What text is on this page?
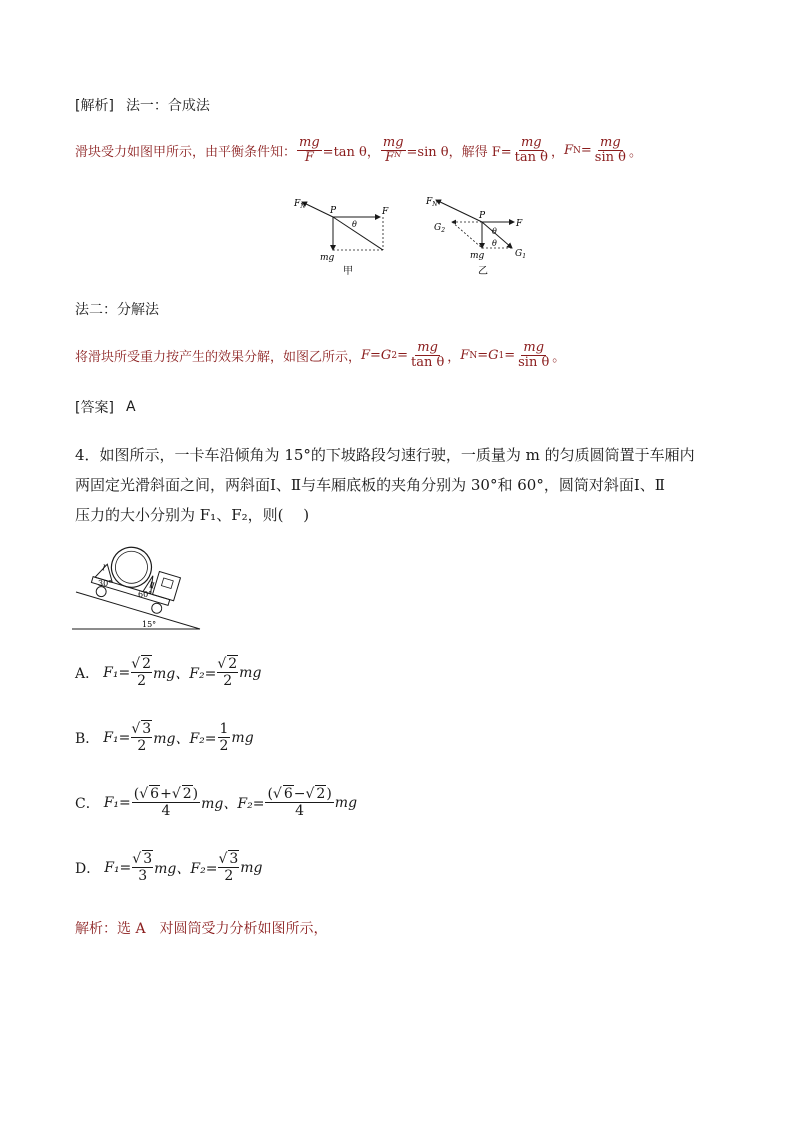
[解析] 法一：合成法
滑块受力如图甲所示，由平衡条件知： $\frac{mg}{F} =\tan$ θ， $\frac{mg}{\text{Fᴺ}} =\sin$ θ， 解得 $F= \frac{mg}{\text{tan θ}}$ ， F $N = \frac{mg}{\text{sin θ}}$ 。
$F_N$	P	F
θ
mg
甲
$F_N$
P
F
$G_2$
$G_1$
θ
θ
mg
乙
法二：分解法
将滑块所受重力按产生的效果分解，如图乙所示， F=G $2 = \frac{mg}{\text{tan θ}}$ ， F N =G $1 = \frac{mg}{\text{sin θ}}$ 。
[答案] A
4．如图所示，一卡车沿倾角为 15°的下坡路段匀速行驶，一质量为 m 的匀质圆筒置于车厢内
两固定光滑斜面之间，两斜面Ⅰ、Ⅱ与车厢底板的夹角分别为 30°和 60°，圆筒对斜面Ⅰ、Ⅱ
压力的大小分别为 F₁、F₂，则(　 )
Ⅰ
Ⅱ
30°
60°
15°
A． $F_1= \frac{√ 2}{2}$ mg、$F_2= \frac{√ 2}{2}$ mg
B． $F_1= \frac{√ 3}{2}$ mg、$F_2= \frac{1}{2}$ mg
C． $F_1= \frac{(√ 6+√ 2)}{4}$ mg、$F_2= \frac{(√ 6-√ 2)}{4}$ mg
D． $F_1= \frac{√ 3}{3}$ mg、$F_2= \frac{√ 3}{2}$ mg
解析：选 A　对圆筒受力分析如图所示，
